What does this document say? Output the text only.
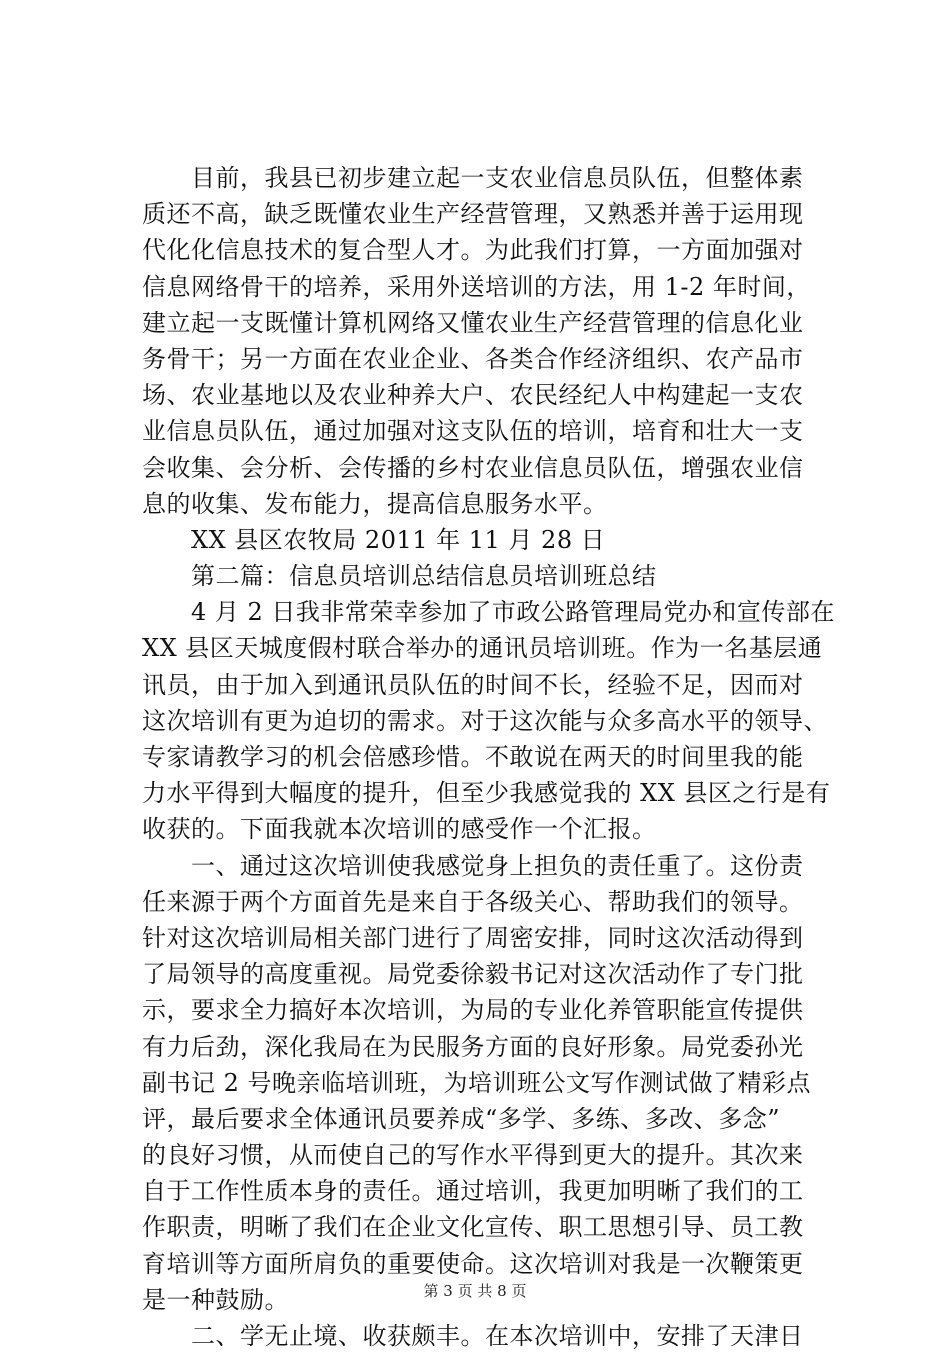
　　目前，我县已初步建立起一支农业信息员队伍，但整体素
质还不高，缺乏既懂农业生产经营管理，又熟悉并善于运用现
代化化信息技术的复合型人才。为此我们打算，一方面加强对
信息网络骨干的培养，采用外送培训的方法，用 1-2 年时间，
建立起一支既懂计算机网络又懂农业生产经营管理的信息化业
务骨干；另一方面在农业企业、各类合作经济组织、农产品市
场、农业基地以及农业种养大户、农民经纪人中构建起一支农
业信息员队伍，通过加强对这支队伍的培训，培育和壮大一支
会收集、会分析、会传播的乡村农业信息员队伍，增强农业信
息的收集、发布能力，提高信息服务水平。
　　XX 县区农牧局 2011 年 11 月 28 日
　　第二篇：信息员培训总结信息员培训班总结
　　4 月 2 日我非常荣幸参加了市政公路管理局党办和宣传部在
XX 县区天城度假村联合举办的通讯员培训班。作为一名基层通
讯员，由于加入到通讯员队伍的时间不长，经验不足，因而对
这次培训有更为迫切的需求。对于这次能与众多高水平的领导、
专家请教学习的机会倍感珍惜。不敢说在两天的时间里我的能
力水平得到大幅度的提升，但至少我感觉我的 XX 县区之行是有
收获的。下面我就本次培训的感受作一个汇报。
　　一、通过这次培训使我感觉身上担负的责任重了。这份责
任来源于两个方面首先是来自于各级关心、帮助我们的领导。
针对这次培训局相关部门进行了周密安排，同时这次活动得到
了局领导的高度重视。局党委徐毅书记对这次活动作了专门批
示，要求全力搞好本次培训，为局的专业化养管职能宣传提供
有力后劲，深化我局在为民服务方面的良好形象。局党委孙光
副书记 2 号晚亲临培训班，为培训班公文写作测试做了精彩点
评，最后要求全体通讯员要养成“多学、多练、多改、多念”
的良好习惯，从而使自己的写作水平得到更大的提升。其次来
自于工作性质本身的责任。通过培训，我更加明晰了我们的工
作职责，明晰了我们在企业文化宣传、职工思想引导、员工教
育培训等方面所肩负的重要使命。这次培训对我是一次鞭策更
是一种鼓励。
　　二、学无止境、收获颇丰。在本次培训中，安排了天津日
第 3 页 共 8 页
